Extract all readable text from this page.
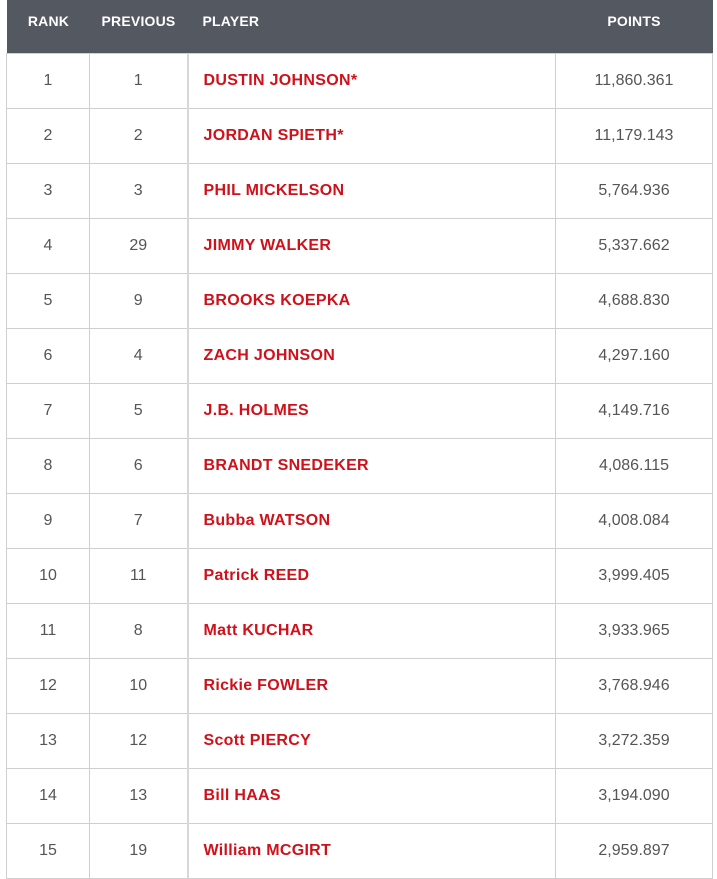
RANK	PREVIOUS	PLAYER	POINTS
1	1	DUSTIN JOHNSON*	11,860.361
2	2	JORDAN SPIETH*	11,179.143
3	3	PHIL MICKELSON	5,764.936
4	29	JIMMY WALKER	5,337.662
5	9	BROOKS KOEPKA	4,688.830
6	4	ZACH JOHNSON	4,297.160
7	5	J.B. HOLMES	4,149.716
8	6	BRANDT SNEDEKER	4,086.115
9	7	Bubba WATSON	4,008.084
10	11	Patrick REED	3,999.405
11	8	Matt KUCHAR	3,933.965
12	10	Rickie FOWLER	3,768.946
13	12	Scott PIERCY	3,272.359
14	13	Bill HAAS	3,194.090
15	19	William MCGIRT	2,959.897
